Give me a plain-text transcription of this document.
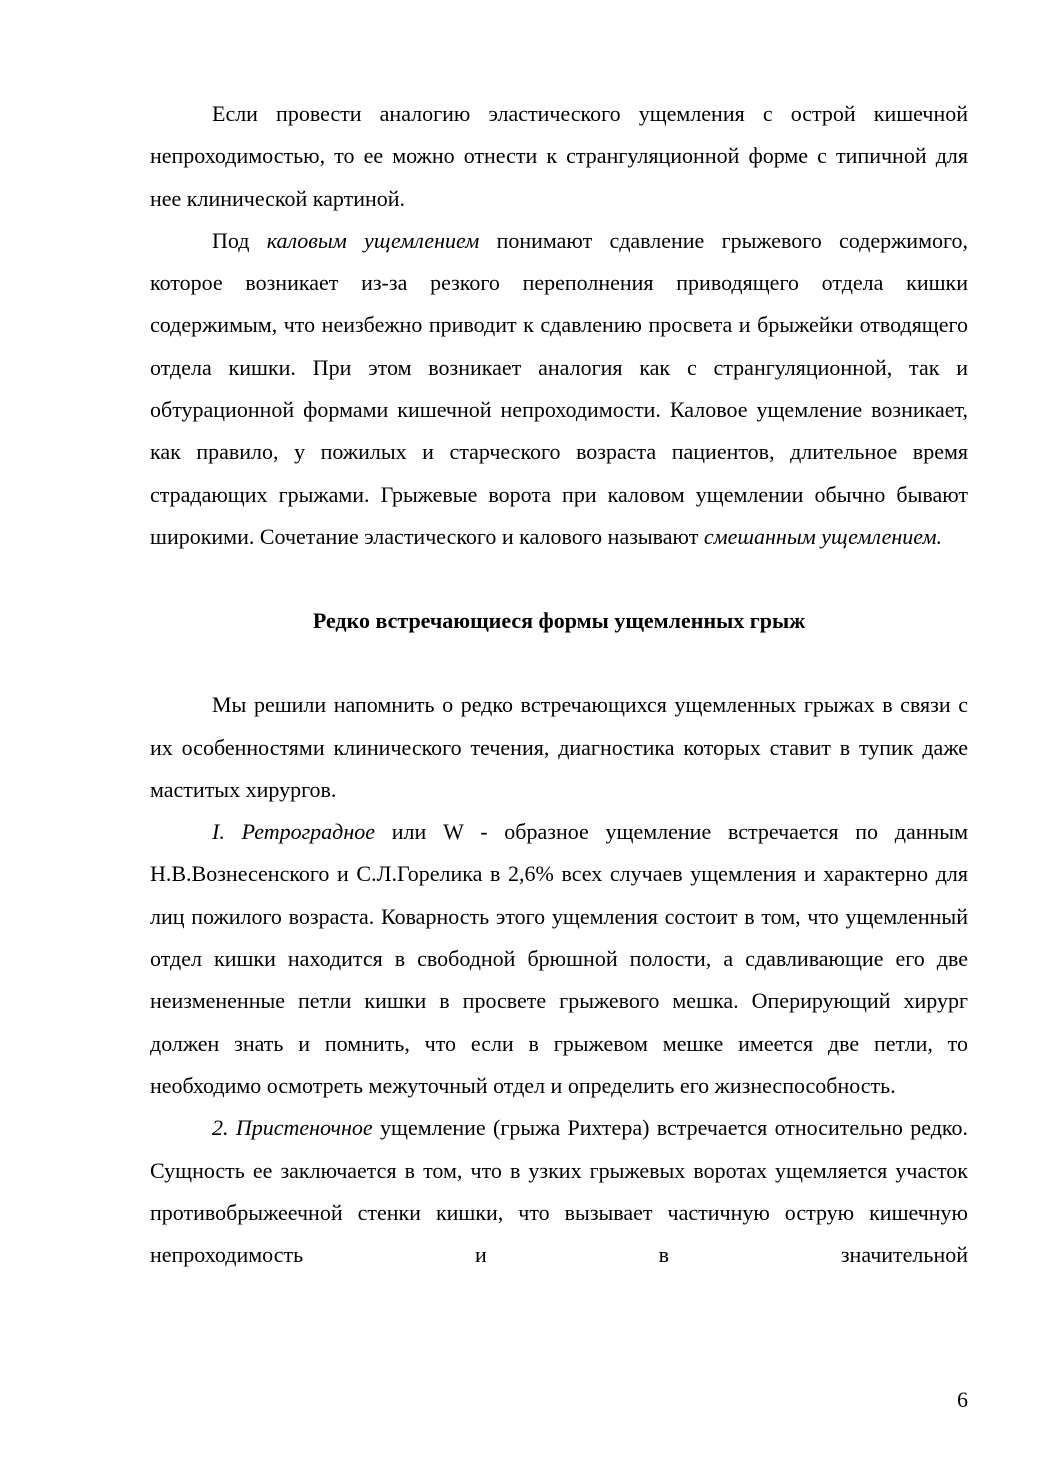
Если провести аналогию эластического ущемления с острой кишечной непроходимостью, то ее можно отнести к странгуляционной форме с типичной для нее клинической картиной.

Под каловым ущемлением понимают сдавление грыжевого содержимого, которое возникает из-за резкого переполнения приводящего отдела кишки содержимым, что неизбежно приводит к сдавлению просвета и брыжейки отводящего отдела кишки. При этом возникает аналогия как с странгуляционной, так и обтурационной формами кишечной непроходимости. Каловое ущемление возникает, как правило, у пожилых и старческого возраста пациентов, длительное время страдающих грыжами. Грыжевые ворота при каловом ущемлении обычно бывают широкими. Сочетание эластического и калового называют смешанным ущемлением.

Редко встречающиеся формы ущемленных грыж

Мы решили напомнить о редко встречающихся ущемленных грыжах в связи с их особенностями клинического течения, диагностика которых ставит в тупик даже маститых хирургов.

I. Ретроградное или W - образное ущемление встречается по данным Н.В.Вознесенского и С.Л.Горелика в 2,6% всех случаев ущемления и характерно для лиц пожилого возраста. Коварность этого ущемления состоит в том, что ущемленный отдел кишки находится в свободной брюшной полости, а сдавливающие его две неизмененные петли кишки в просвете грыжевого мешка. Оперирующий хирург должен знать и помнить, что если в грыжевом мешке имеется две петли, то необходимо осмотреть межуточный отдел и определить его жизнеспособность.

2. Пристеночное ущемление (грыжа Рихтера) встречается относительно редко. Сущность ее заключается в том, что в узких грыжевых воротах ущемляется участок противобрыжеечной стенки кишки, что вызывает частичную острую кишечную непроходимость и в значительной

6
